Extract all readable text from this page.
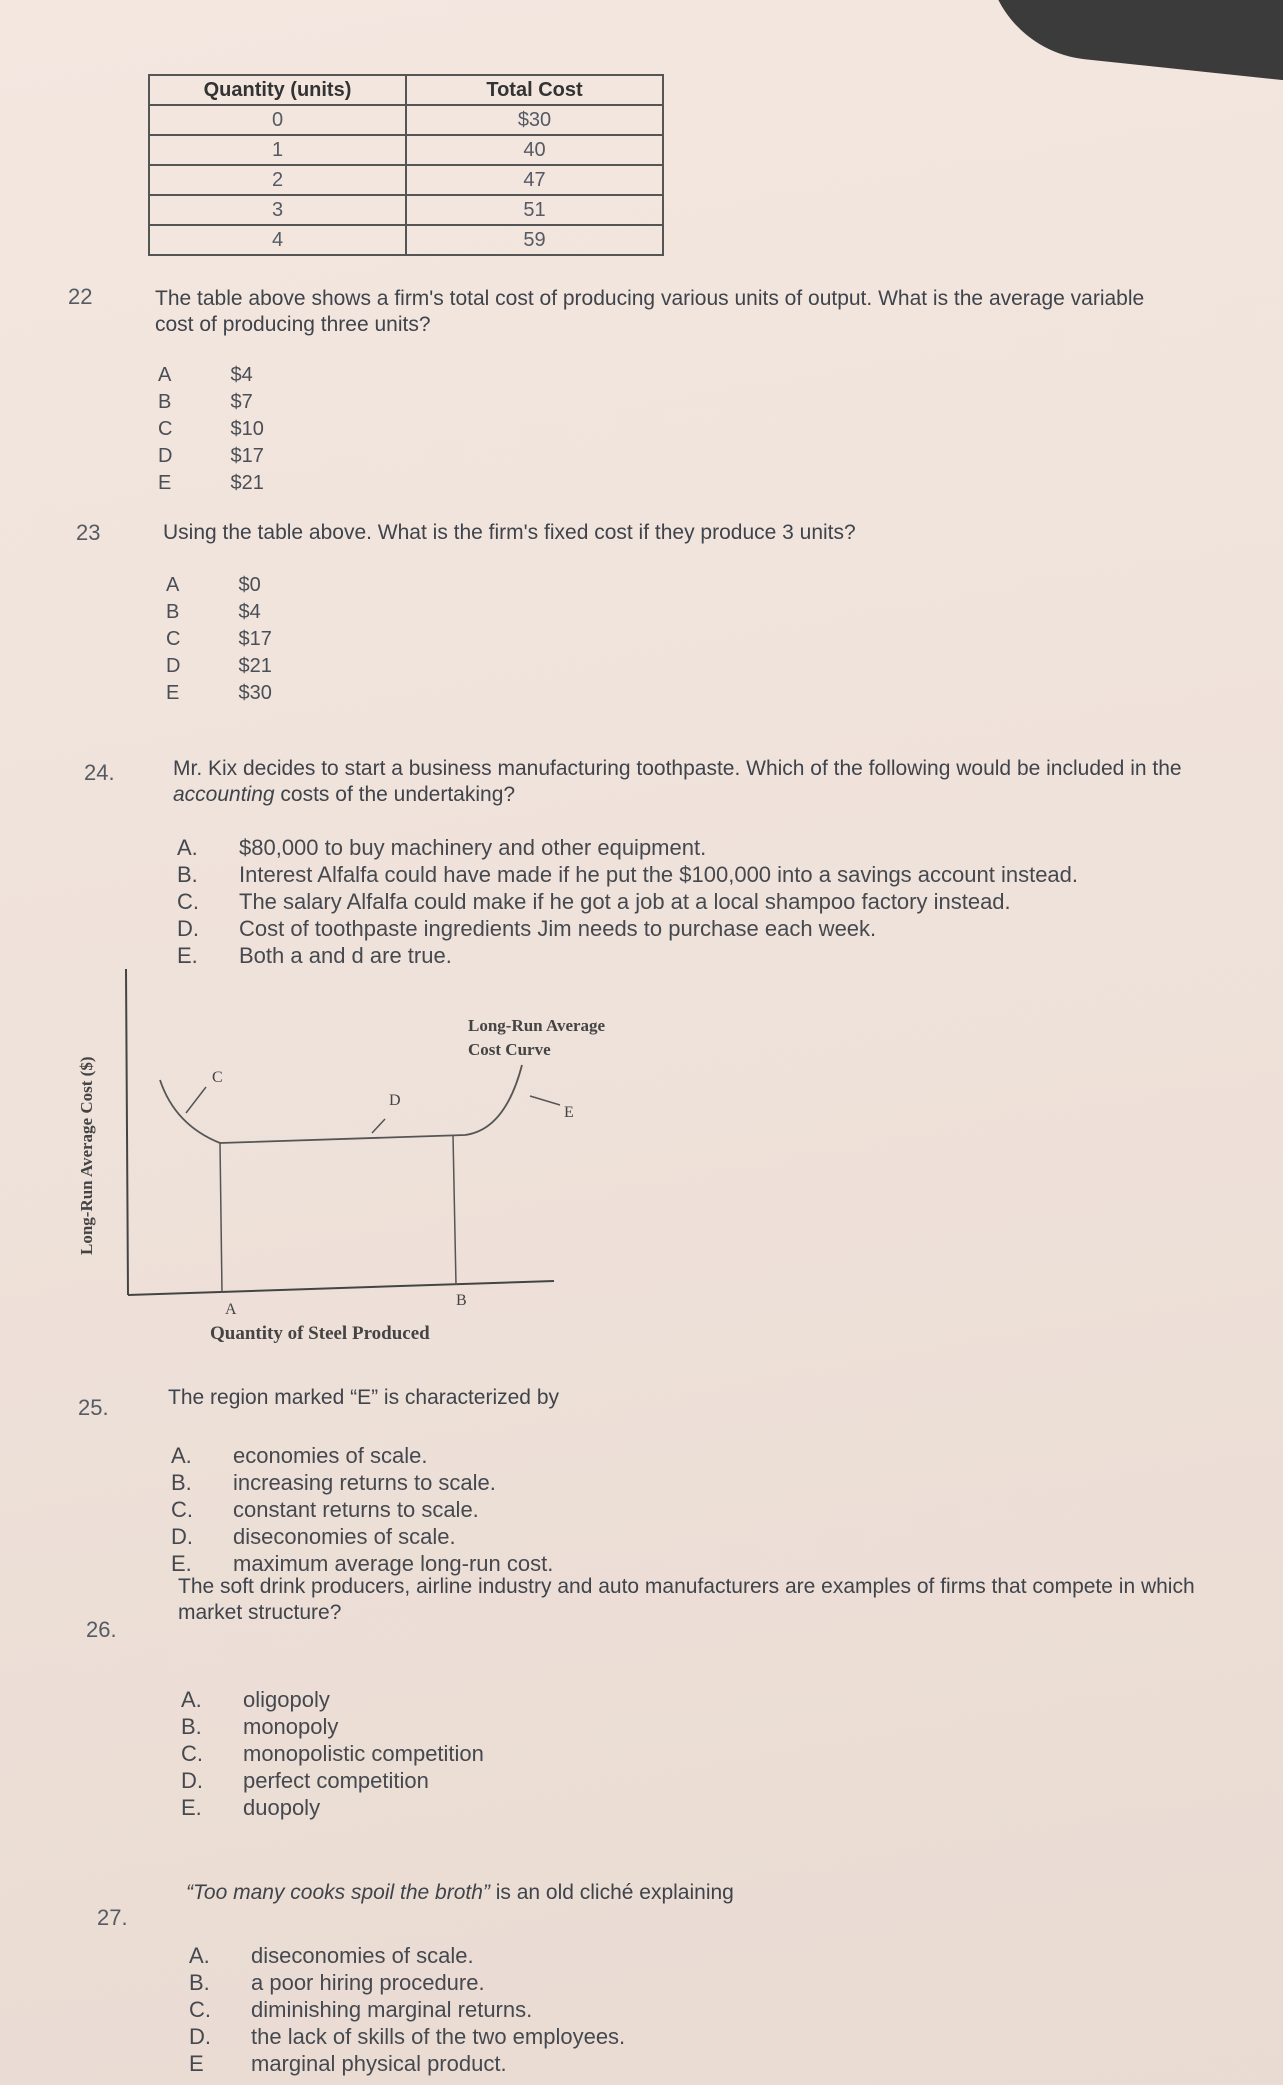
Quantity (units)	Total Cost
0	$30
1	40
2	47
3	51
4	59
22	The table above shows a firm's total cost of producing various units of output. What is the average variable cost of producing three units?
A	$4
B	$7
C	$10
D	$17
E	$21
23	Using the table above. What is the firm's fixed cost if they produce 3 units?
A	$0
B	$4
C	$17
D	$21
E	$30
24.	Mr. Kix decides to start a business manufacturing toothpaste. Which of the following would be included in the accounting costs of the undertaking?
A.	$80,000 to buy machinery and other equipment.
B.	Interest Alfalfa could have made if he put the $100,000 into a savings account instead.
C.	The salary Alfalfa could make if he got a job at a local shampoo factory instead.
D.	Cost of toothpaste ingredients Jim needs to purchase each week.
E.	Both a and d are true.
Long-Run Average Cost ($)	C
D
E
A
B
Long-Run Average
Cost Curve
Quantity of Steel Produced
25.	The region marked “E” is characterized by
A.	economies of scale.
B.	increasing returns to scale.
C.	constant returns to scale.
D.	diseconomies of scale.
E.	maximum average long-run cost.
26.
The soft drink producers, airline industry and auto manufacturers are examples of firms that compete in which market structure?
A.	oligopoly
B.	monopoly
C.	monopolistic competition
D.	perfect competition
E.	duopoly
27.
“Too many cooks spoil the broth” is an old cliché explaining
A.	diseconomies of scale.
B.	a poor hiring procedure.
C.	diminishing marginal returns.
D.	the lack of skills of the two employees.
E	marginal physical product.
